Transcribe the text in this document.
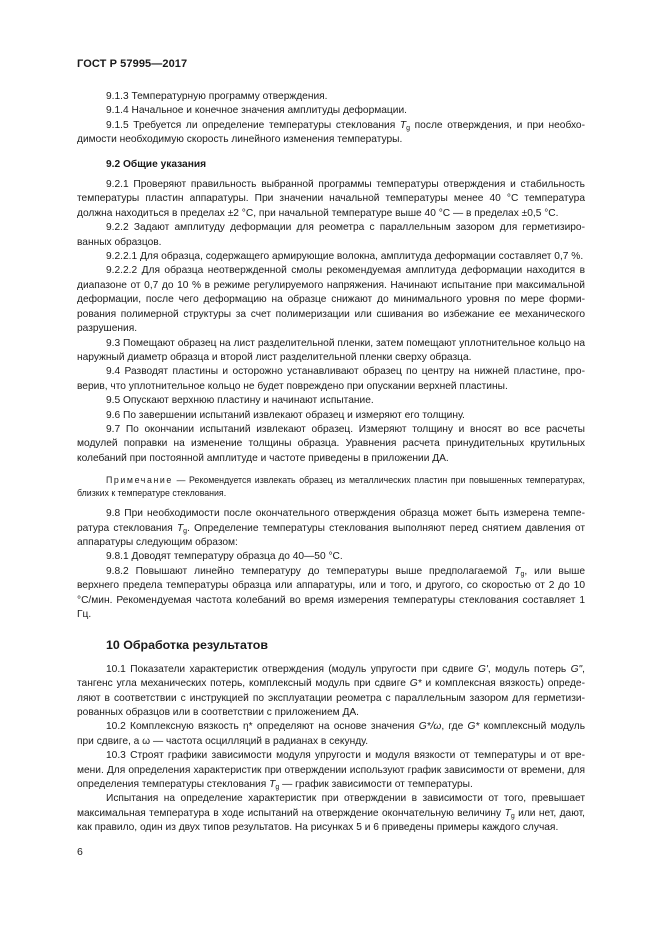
ГОСТ Р 57995—2017

9.1.3 Температурную программу отверждения.

9.1.4 Начальное и конечное значения амплитуды деформации.

9.1.5 Требуется ли определение температуры стеклования $T_g$ после отверждения, и при необходимости необходимую скорость линейного изменения температуры.

9.2 Общие указания

9.2.1 Проверяют правильность выбранной программы температуры отверждения и стабильность температуры пластин аппаратуры. При значении начальной температуры менее 40 °C температура должна находиться в пределах ±2 °C, при начальной температуре выше 40 °C — в пределах ±0,5 °C.

9.2.2 Задают амплитуду деформации для реометра с параллельным зазором для герметизированных образцов.

9.2.2.1 Для образца, содержащего армирующие волокна, амплитуда деформации составляет 0,7 %.

9.2.2.2 Для образца неотвержденной смолы рекомендуемая амплитуда деформации находится в диапазоне от 0,7 до 10 % в режиме регулируемого напряжения. Начинают испытание при максимальной деформации, после чего деформацию на образце снижают до минимального уровня по мере формирования полимерной структуры за счет полимеризации или сшивания во избежание ее механического разрушения.

9.3 Помещают образец на лист разделительной пленки, затем помещают уплотнительное кольцо на наружный диаметр образца и второй лист разделительной пленки сверху образца.

9.4 Разводят пластины и осторожно устанавливают образец по центру на нижней пластине, проверив, что уплотнительное кольцо не будет повреждено при опускании верхней пластины.

9.5 Опускают верхнюю пластину и начинают испытание.

9.6 По завершении испытаний извлекают образец и измеряют его толщину.

9.7 По окончании испытаний извлекают образец. Измеряют толщину и вносят во все расчеты модулей поправки на изменение толщины образца. Уравнения расчета принудительных крутильных колебаний при постоянной амплитуде и частоте приведены в приложении ДА.

Примечание — Рекомендуется извлекать образец из металлических пластин при повышенных температурах, близких к температуре стеклования.

9.8 При необходимости после окончательного отверждения образца может быть измерена температура стеклования $T_g$. Определение температуры стеклования выполняют перед снятием давления от аппаратуры следующим образом:

9.8.1 Доводят температуру образца до 40—50 °C.

9.8.2 Повышают линейно температуру до температуры выше предполагаемой $T_g$, или выше верхнего предела температуры образца или аппаратуры, или и того, и другого, со скоростью от 2 до 10 °C/мин. Рекомендуемая частота колебаний во время измерения температуры стеклования составляет 1 Гц.

10 Обработка результатов

10.1 Показатели характеристик отверждения (модуль упругости при сдвиге G', модуль потерь G", тангенс угла механических потерь, комплексный модуль при сдвиге G* и комплексная вязкость) определяют в соответствии с инструкцией по эксплуатации реометра с параллельным зазором для герметизированных образцов или в соответствии с приложением ДА.

10.2 Комплексную вязкость η* определяют на основе значения G*/ω, где G* комплексный модуль при сдвиге, а ω — частота осцилляций в радианах в секунду.

10.3 Строят графики зависимости модуля упругости и модуля вязкости от температуры и от времени. Для определения характеристик при отверждении используют график зависимости от времени, для определения температуры стеклования $T_g$ — график зависимости от температуры.

Испытания на определение характеристик при отверждении в зависимости от того, превышает максимальная температура в ходе испытаний на отверждение окончательную величину $T_g$ или нет, дают, как правило, один из двух типов результатов. На рисунках 5 и 6 приведены примеры каждого случая.

6
